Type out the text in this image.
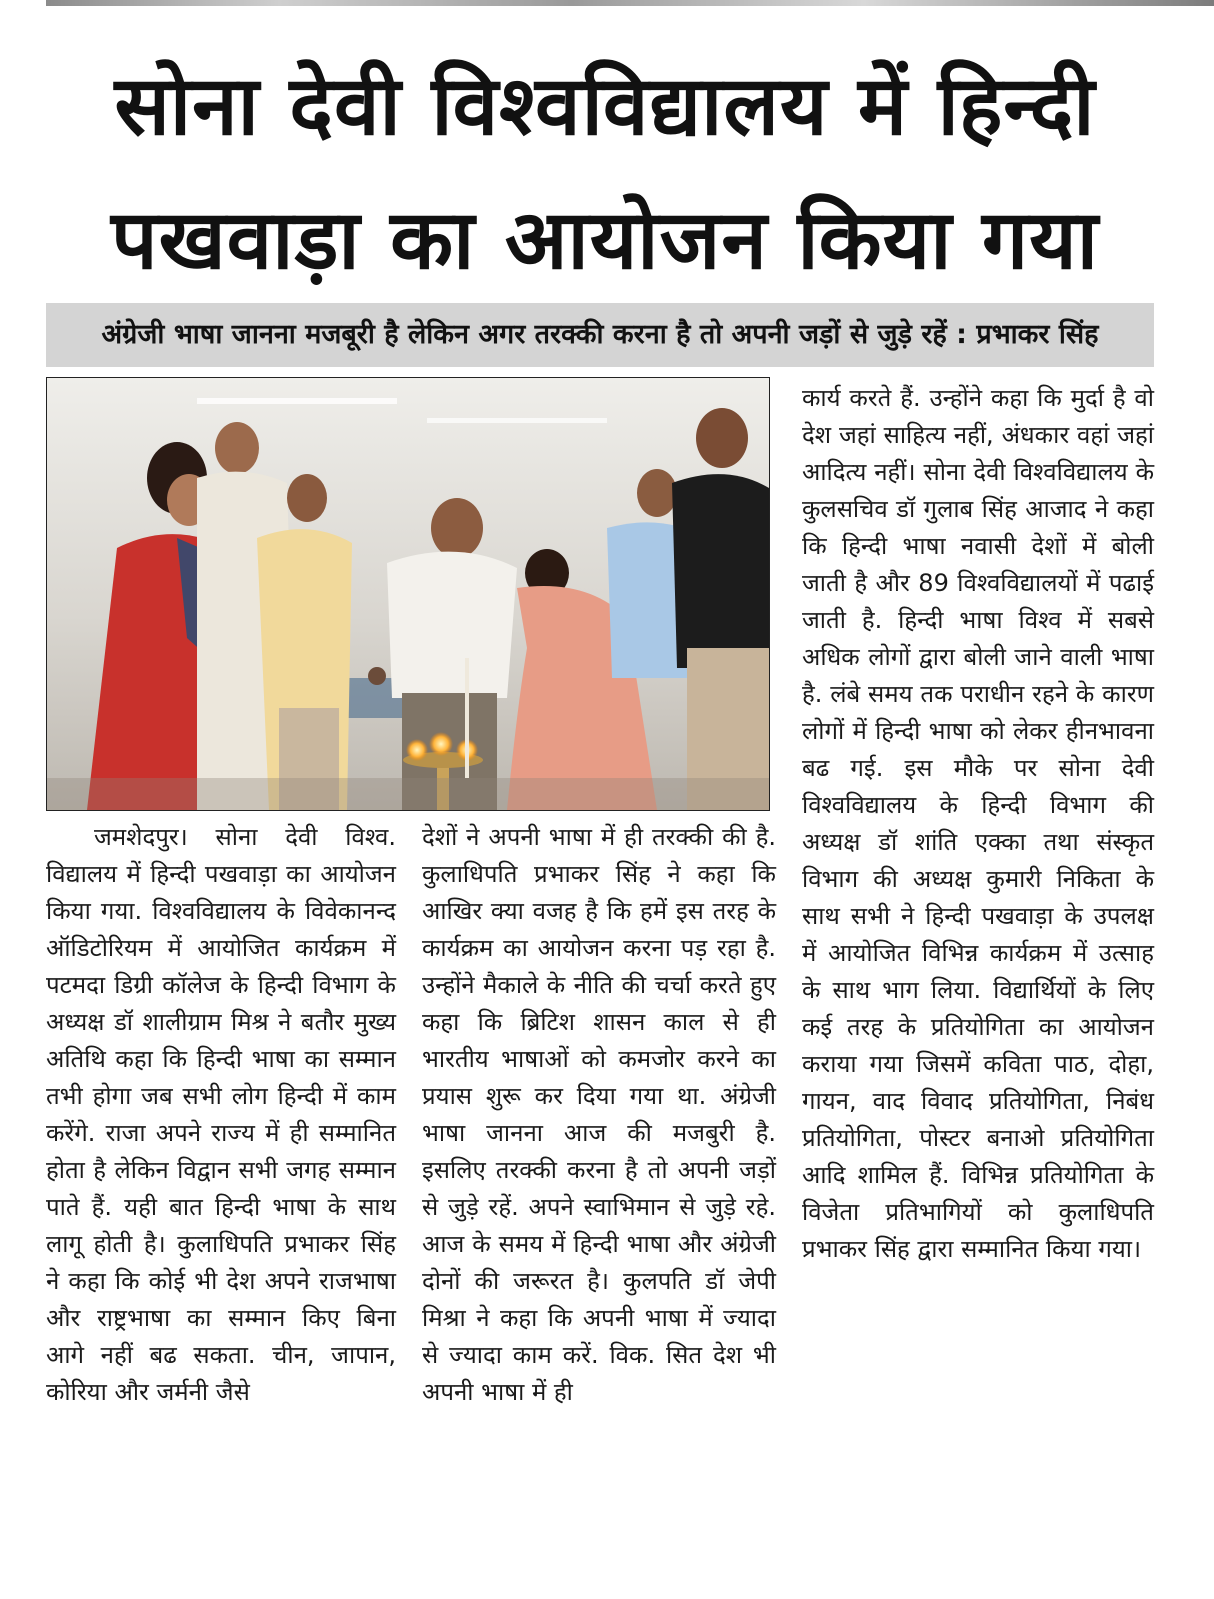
सोना देवी विश्वविद्यालय में हिन्दी
पखवाड़ा का आयोजन किया गया
अंग्रेजी भाषा जानना मजबूरी है लेकिन अगर तरक्की करना है तो अपनी जड़ों से जुड़े रहें : प्रभाकर सिंह

जमशेदपुर। सोना देवी विश्व. विद्यालय में हिन्दी पखवाड़ा का आयोजन किया गया. विश्वविद्यालय के विवेकानन्द ऑडिटोरियम में आयोजित कार्यक्रम में पटमदा डिग्री कॉलेज के हिन्दी विभाग के अध्यक्ष डॉ शालीग्राम मिश्र ने बतौर मुख्य अतिथि कहा कि हिन्दी भाषा का सम्मान तभी होगा जब सभी लोग हिन्दी में काम करेंगे. राजा अपने राज्य में ही सम्मानित होता है लेकिन विद्वान सभी जगह सम्मान पाते हैं. यही बात हिन्दी भाषा के साथ लागू होती है। कुलाधिपति प्रभाकर सिंह ने कहा कि कोई भी देश अपने राजभाषा और राष्ट्रभाषा का सम्मान किए बिना आगे नहीं बढ सकता. चीन, जापान, कोरिया और जर्मनी जैसे

देशों ने अपनी भाषा में ही तरक्की की है. कुलाधिपति प्रभाकर सिंह ने कहा कि आखिर क्या वजह है कि हमें इस तरह के कार्यक्रम का आयोजन करना पड़ रहा है. उन्होंने मैकाले के नीति की चर्चा करते हुए कहा कि ब्रिटिश शासन काल से ही भारतीय भाषाओं को कमजोर करने का प्रयास शुरू कर दिया गया था. अंग्रेजी भाषा जानना आज की मजबुरी है. इसलिए तरक्की करना है तो अपनी जड़ों से जुड़े रहें. अपने स्वाभिमान से जुड़े रहे. आज के समय में हिन्दी भाषा और अंग्रेजी दोनों की जरूरत है। कुलपति डॉ जेपी मिश्रा ने कहा कि अपनी भाषा में ज्यादा से ज्यादा काम करें. विक. सित देश भी अपनी भाषा में ही

कार्य करते हैं. उन्होंने कहा कि मुर्दा है वो देश जहां साहित्य नहीं, अंधकार वहां जहां आदित्य नहीं। सोना देवी विश्वविद्यालय के कुलसचिव डॉ गुलाब सिंह आजाद ने कहा कि हिन्दी भाषा नवासी देशों में बोली जाती है और 89 विश्वविद्यालयों में पढाई जाती है. हिन्दी भाषा विश्व में सबसे अधिक लोगों द्वारा बोली जाने वाली भाषा है. लंबे समय तक पराधीन रहने के कारण लोगों में हिन्दी भाषा को लेकर हीनभावना बढ गई. इस मौके पर सोना देवी विश्वविद्यालय के हिन्दी विभाग की अध्यक्ष डॉ शांति एक्का तथा संस्कृत विभाग की अध्यक्ष कुमारी निकिता के साथ सभी ने हिन्दी पखवाड़ा के उपलक्ष में आयोजित विभिन्न कार्यक्रम में उत्साह के साथ भाग लिया. विद्यार्थियों के लिए कई तरह के प्रतियोगिता का आयोजन कराया गया जिसमें कविता पाठ, दोहा, गायन, वाद विवाद प्रतियोगिता, निबंध प्रतियोगिता, पोस्टर बनाओ प्रतियोगिता आदि शामिल हैं. विभिन्न प्रतियोगिता के विजेता प्रतिभागियों को कुलाधिपति प्रभाकर सिंह द्वारा सम्मानित किया गया।
